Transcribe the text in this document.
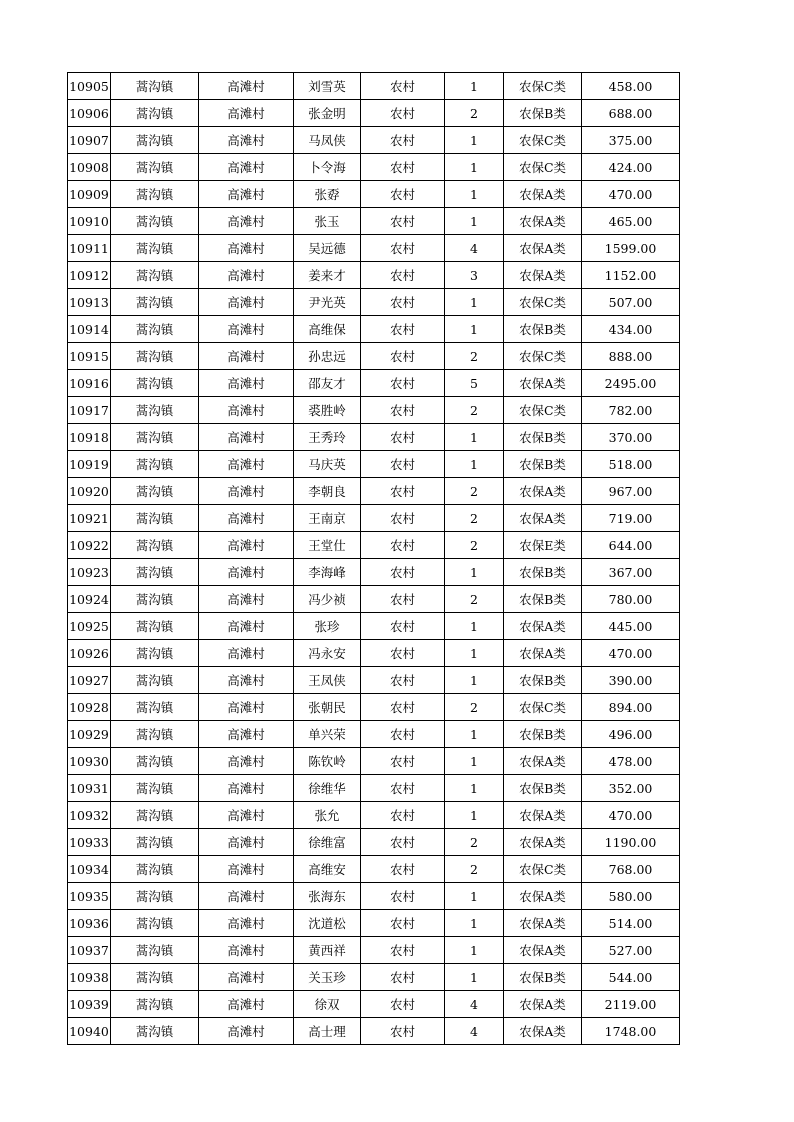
10905	蒿沟镇	高滩村	刘雪英	农村	1	农保C类	458.00
10906	蒿沟镇	高滩村	张金明	农村	2	农保B类	688.00
10907	蒿沟镇	高滩村	马凤侠	农村	1	农保C类	375.00
10908	蒿沟镇	高滩村	卜令海	农村	1	农保C类	424.00
10909	蒿沟镇	高滩村	张孬	农村	1	农保A类	470.00
10910	蒿沟镇	高滩村	张玉	农村	1	农保A类	465.00
10911	蒿沟镇	高滩村	吴远德	农村	4	农保A类	1599.00
10912	蒿沟镇	高滩村	姜来才	农村	3	农保A类	1152.00
10913	蒿沟镇	高滩村	尹光英	农村	1	农保C类	507.00
10914	蒿沟镇	高滩村	高维保	农村	1	农保B类	434.00
10915	蒿沟镇	高滩村	孙忠远	农村	2	农保C类	888.00
10916	蒿沟镇	高滩村	邵友才	农村	5	农保A类	2495.00
10917	蒿沟镇	高滩村	裘胜岭	农村	2	农保C类	782.00
10918	蒿沟镇	高滩村	王秀玲	农村	1	农保B类	370.00
10919	蒿沟镇	高滩村	马庆英	农村	1	农保B类	518.00
10920	蒿沟镇	高滩村	李朝良	农村	2	农保A类	967.00
10921	蒿沟镇	高滩村	王南京	农村	2	农保A类	719.00
10922	蒿沟镇	高滩村	王堂仕	农村	2	农保E类	644.00
10923	蒿沟镇	高滩村	李海峰	农村	1	农保B类	367.00
10924	蒿沟镇	高滩村	冯少祯	农村	2	农保B类	780.00
10925	蒿沟镇	高滩村	张珍	农村	1	农保A类	445.00
10926	蒿沟镇	高滩村	冯永安	农村	1	农保A类	470.00
10927	蒿沟镇	高滩村	王凤侠	农村	1	农保B类	390.00
10928	蒿沟镇	高滩村	张朝民	农村	2	农保C类	894.00
10929	蒿沟镇	高滩村	单兴荣	农村	1	农保B类	496.00
10930	蒿沟镇	高滩村	陈钦岭	农村	1	农保A类	478.00
10931	蒿沟镇	高滩村	徐维华	农村	1	农保B类	352.00
10932	蒿沟镇	高滩村	张允	农村	1	农保A类	470.00
10933	蒿沟镇	高滩村	徐维富	农村	2	农保A类	1190.00
10934	蒿沟镇	高滩村	高维安	农村	2	农保C类	768.00
10935	蒿沟镇	高滩村	张海东	农村	1	农保A类	580.00
10936	蒿沟镇	高滩村	沈道松	农村	1	农保A类	514.00
10937	蒿沟镇	高滩村	黄西祥	农村	1	农保A类	527.00
10938	蒿沟镇	高滩村	关玉珍	农村	1	农保B类	544.00
10939	蒿沟镇	高滩村	徐双	农村	4	农保A类	2119.00
10940	蒿沟镇	高滩村	高士理	农村	4	农保A类	1748.00
